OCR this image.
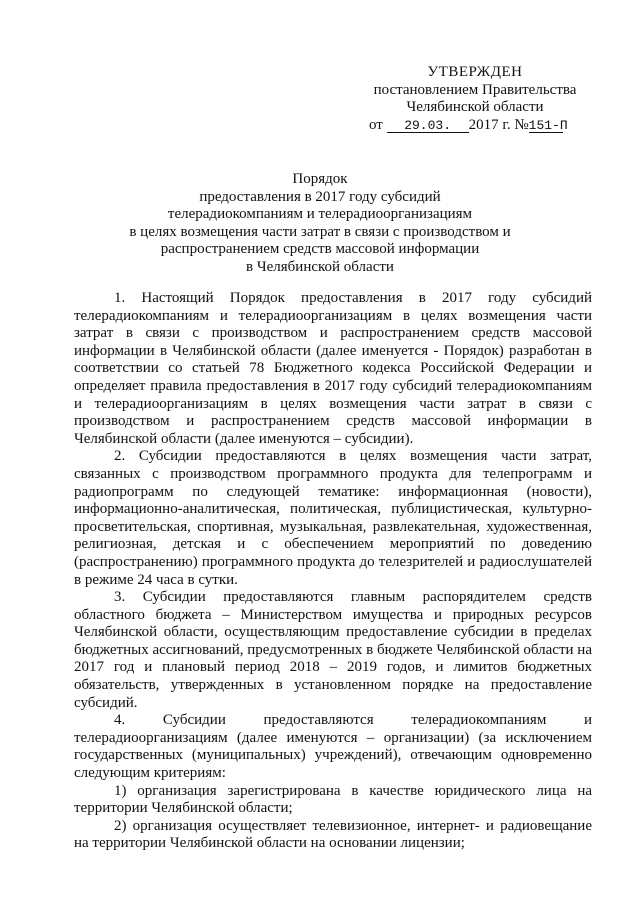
УТВЕРЖДЕН
постановлением Правительства
Челябинской области
от 29.03. 2017 г. №151-П
Порядок
предоставления в 2017 году субсидий
телерадиокомпаниям и телерадиоорганизациям
в целях возмещения части затрат в связи с производством и
распространением средств массовой информации
в Челябинской области

1. Настоящий Порядок предоставления в 2017 году субсидий телерадиокомпаниям и телерадиоорганизациям в целях возмещения части затрат в связи с производством и распространением средств массовой информации в Челябинской области (далее именуется - Порядок) разработан в соответствии со статьей 78 Бюджетного кодекса Российской Федерации и определяет правила предоставления в 2017 году субсидий телерадиокомпаниям и телерадиоорганизациям в целях возмещения части затрат в связи с производством и распространением средств массовой информации в Челябинской области (далее именуются – субсидии).

2. Субсидии предоставляются в целях возмещения части затрат, связанных с производством программного продукта для телепрограмм и радиопрограмм по следующей тематике: информационная (новости), информационно-аналитическая, политическая, публицистическая, культурно-просветительская, спортивная, музыкальная, развлекательная, художественная, религиозная, детская и с обеспечением мероприятий по доведению (распространению) программного продукта до телезрителей и радиослушателей в режиме 24 часа в сутки.

3. Субсидии предоставляются главным распорядителем средств областного бюджета – Министерством имущества и природных ресурсов Челябинской области, осуществляющим предоставление субсидии в пределах бюджетных ассигнований, предусмотренных в бюджете Челябинской области на 2017 год и плановый период 2018 – 2019 годов, и лимитов бюджетных обязательств, утвержденных в установленном порядке на предоставление субсидий.

4. Субсидии предоставляются телерадиокомпаниям и телерадиоорганизациям (далее именуются – организации) (за исключением государственных (муниципальных) учреждений), отвечающим одновременно следующим критериям:

1) организация зарегистрирована в качестве юридического лица на территории Челябинской области;

2) организация осуществляет телевизионное, интернет- и радиовещание на территории Челябинской области на основании лицензии;
